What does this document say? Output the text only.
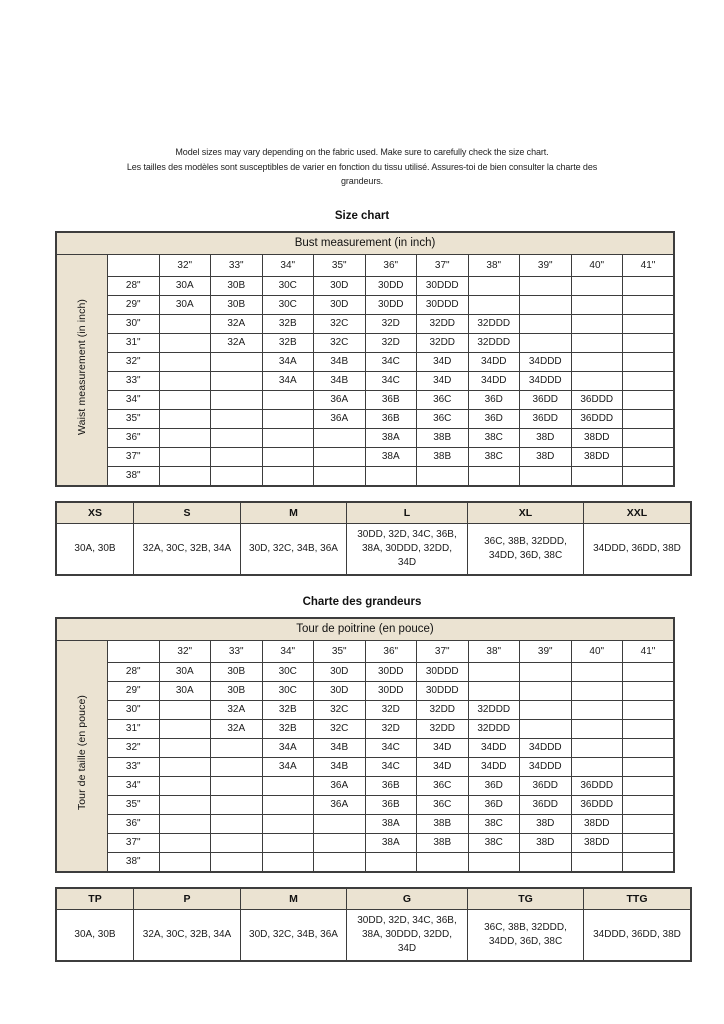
Model sizes may vary depending on the fabric used. Make sure to carefully check the size chart.
Les tailles des modèles sont susceptibles de varier en fonction du tissu utilisé. Assures-toi de bien consulter la charte des
grandeurs.
Size chart
Bust measurement (in inch)											
Waist measurement (in inch)		32"	33"	34"	35"	36"	37"	38"	39"	40"	41"
	28"	30A	30B	30C	30D	30DD	30DDD				
	29"	30A	30B	30C	30D	30DD	30DDD				
	30"		32A	32B	32C	32D	32DD	32DDD			
	31"		32A	32B	32C	32D	32DD	32DDD			
	32"			34A	34B	34C	34D	34DD	34DDD		
	33"			34A	34B	34C	34D	34DD	34DDD		
	34"				36A	36B	36C	36D	36DD	36DDD	
	35"				36A	36B	36C	36D	36DD	36DDD	
	36"					38A	38B	38C	38D	38DD	
	37"					38A	38B	38C	38D	38DD	
	38"										
XS	S	M	L	XL	XXL
30A, 30B	32A, 30C, 32B, 34A	30D, 32C, 34B, 36A	30DD, 32D, 34C, 36B, 38A, 30DDD, 32DD, 34D	36C, 38B, 32DDD, 34DD, 36D, 38C	34DDD, 36DD, 38D
Charte des grandeurs
Tour de poitrine (en pouce)											
Tour de taille (en pouce)		32"	33"	34"	35"	36"	37"	38"	39"	40"	41"
	28"	30A	30B	30C	30D	30DD	30DDD				
	29"	30A	30B	30C	30D	30DD	30DDD				
	30"		32A	32B	32C	32D	32DD	32DDD			
	31"		32A	32B	32C	32D	32DD	32DDD			
	32"			34A	34B	34C	34D	34DD	34DDD		
	33"			34A	34B	34C	34D	34DD	34DDD		
	34"				36A	36B	36C	36D	36DD	36DDD	
	35"				36A	36B	36C	36D	36DD	36DDD	
	36"					38A	38B	38C	38D	38DD	
	37"					38A	38B	38C	38D	38DD	
	38"										
TP	P	M	G	TG	TTG
30A, 30B	32A, 30C, 32B, 34A	30D, 32C, 34B, 36A	30DD, 32D, 34C, 36B, 38A, 30DDD, 32DD, 34D	36C, 38B, 32DDD, 34DD, 36D, 38C	34DDD, 36DD, 38D
